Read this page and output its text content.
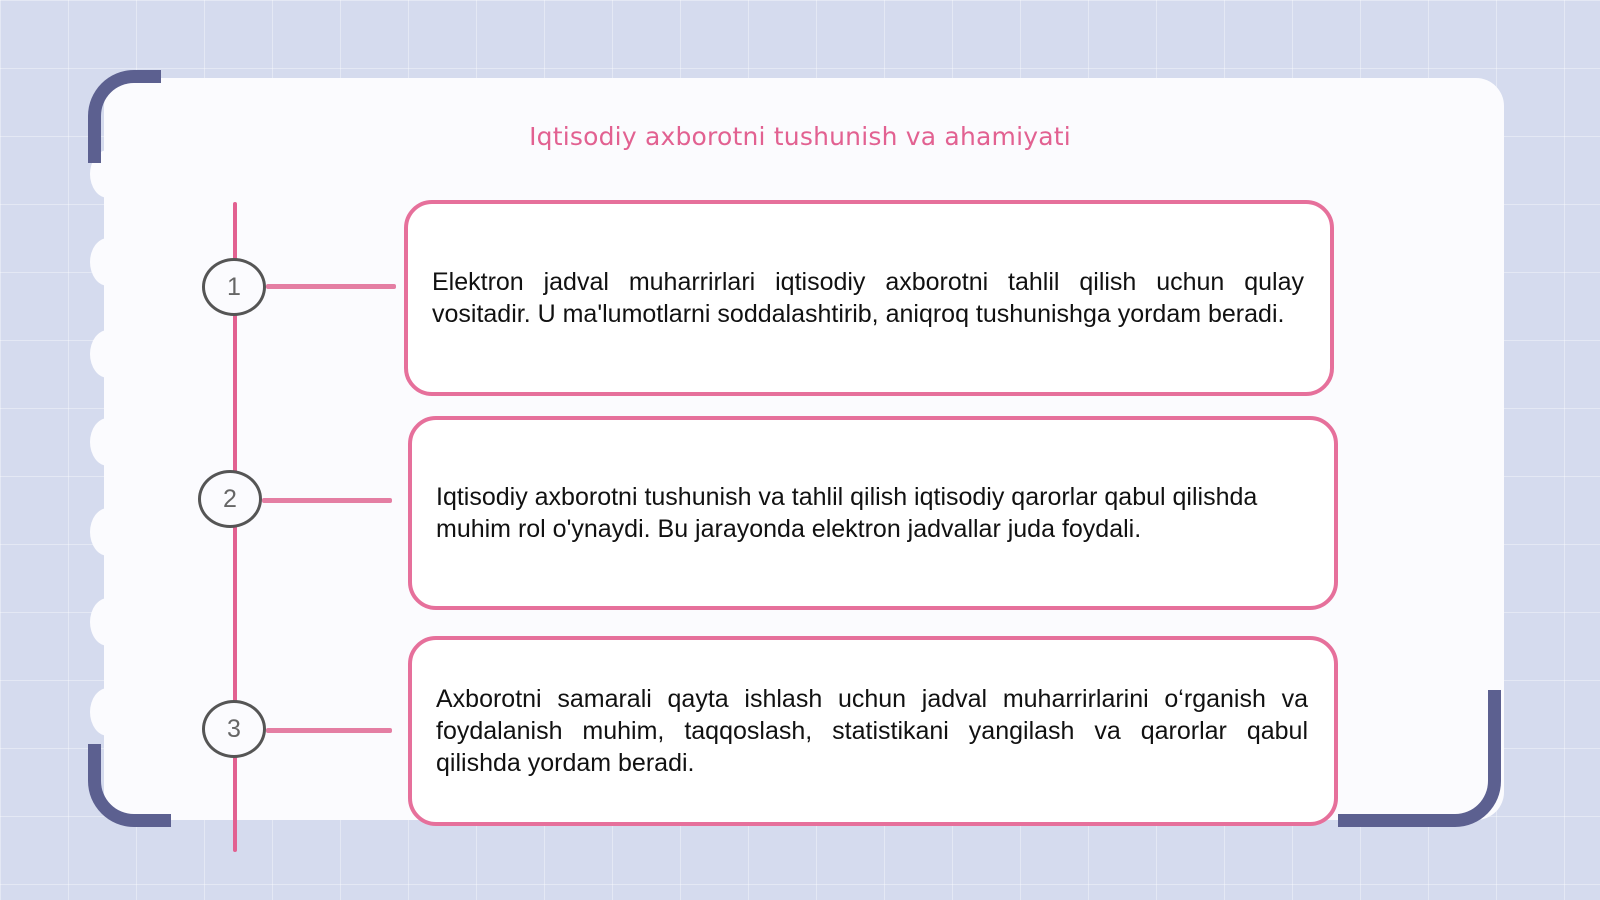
Iqtisodiy axborotni tushunish va ahamiyati
1
2
3
Elektron jadval muharrirlari iqtisodiy axborotni tahlil qilish uchun qulay vositadir. U ma'lumotlarni soddalashtirib, aniqroq tushunishga yordam beradi.
Iqtisodiy axborotni tushunish va tahlil qilish iqtisodiy qarorlar qabul qilishda muhim rol o'ynaydi. Bu jarayonda elektron jadvallar juda foydali.
Axborotni samarali qayta ishlash uchun jadval muharrirlarini o‘rganish va foydalanish muhim, taqqoslash, statistikani yangilash va qarorlar qabul qilishda yordam beradi.
